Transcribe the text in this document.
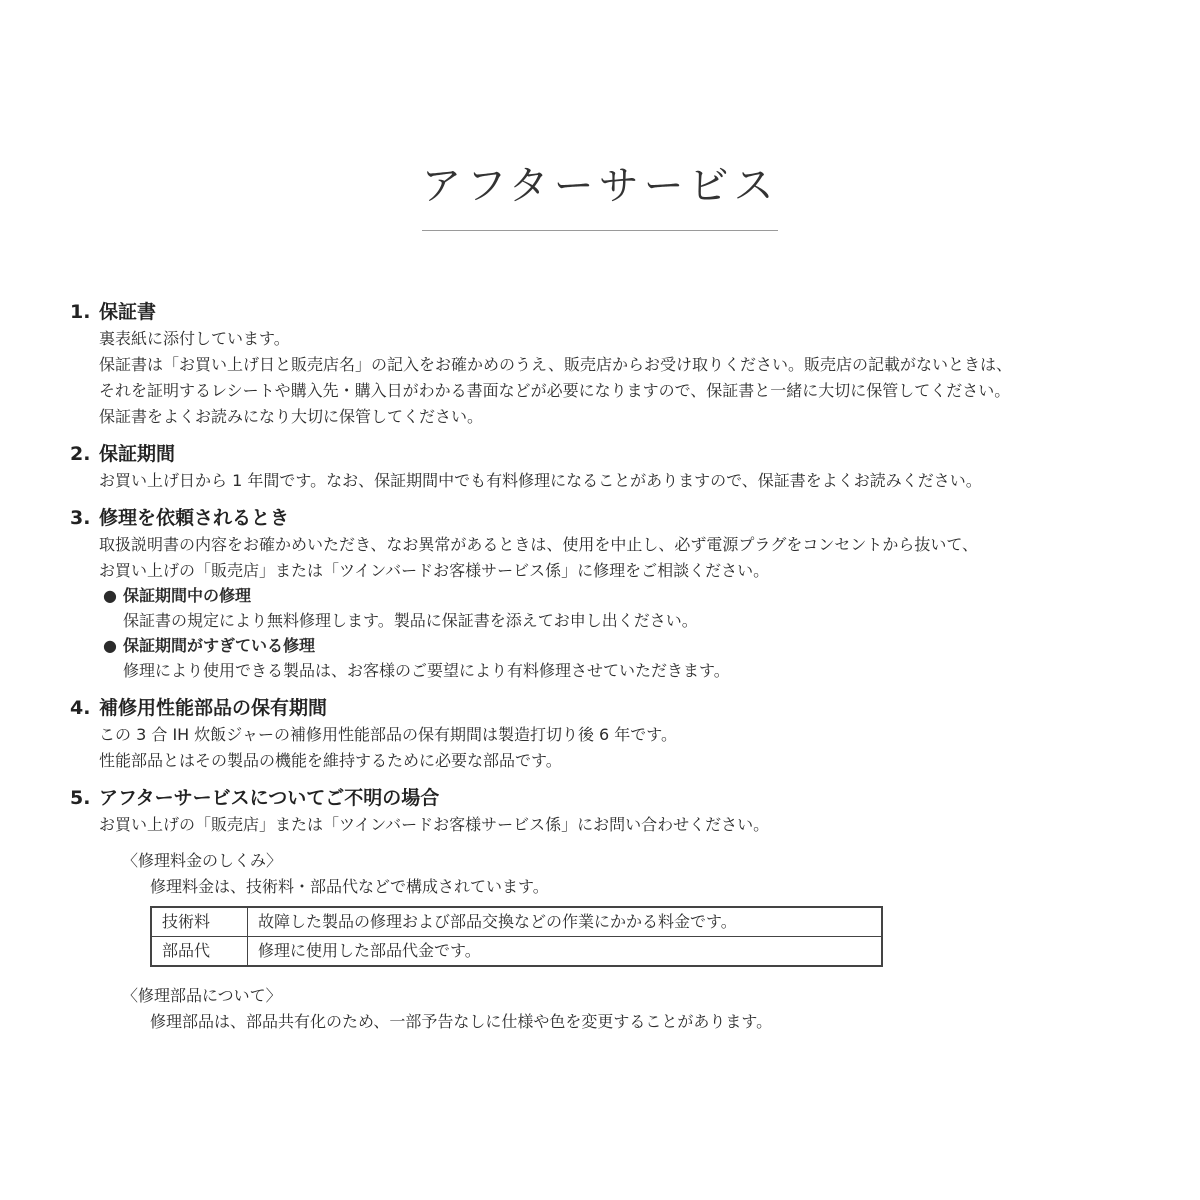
アフターサービス
1. 保証書
裏表紙に添付しています。
保証書は「お買い上げ日と販売店名」の記入をお確かめのうえ、販売店からお受け取りください。販売店の記載がないときは、
それを証明するレシートや購入先・購入日がわかる書面などが必要になりますので、保証書と一緒に大切に保管してください。
保証書をよくお読みになり大切に保管してください。
2. 保証期間
お買い上げ日から 1 年間です。なお、保証期間中でも有料修理になることがありますので、保証書をよくお読みください。
3. 修理を依頼されるとき
取扱説明書の内容をお確かめいただき、なお異常があるときは、使用を中止し、必ず電源プラグをコンセントから抜いて、
お買い上げの「販売店」または「ツインバードお客様サービス係」に修理をご相談ください。
● 保証期間中の修理
保証書の規定により無料修理します。製品に保証書を添えてお申し出ください。
● 保証期間がすぎている修理
修理により使用できる製品は、お客様のご要望により有料修理させていただきます。
4. 補修用性能部品の保有期間
この 3 合 IH 炊飯ジャーの補修用性能部品の保有期間は製造打切り後 6 年です。
性能部品とはその製品の機能を維持するために必要な部品です。
5. アフターサービスについてご不明の場合
お買い上げの「販売店」または「ツインバードお客様サービス係」にお問い合わせください。
〈修理料金のしくみ〉
修理料金は、技術料・部品代などで構成されています。
技術料	故障した製品の修理および部品交換などの作業にかかる料金です。
部品代	修理に使用した部品代金です。
〈修理部品について〉
修理部品は、部品共有化のため、一部予告なしに仕様や色を変更することがあります。
